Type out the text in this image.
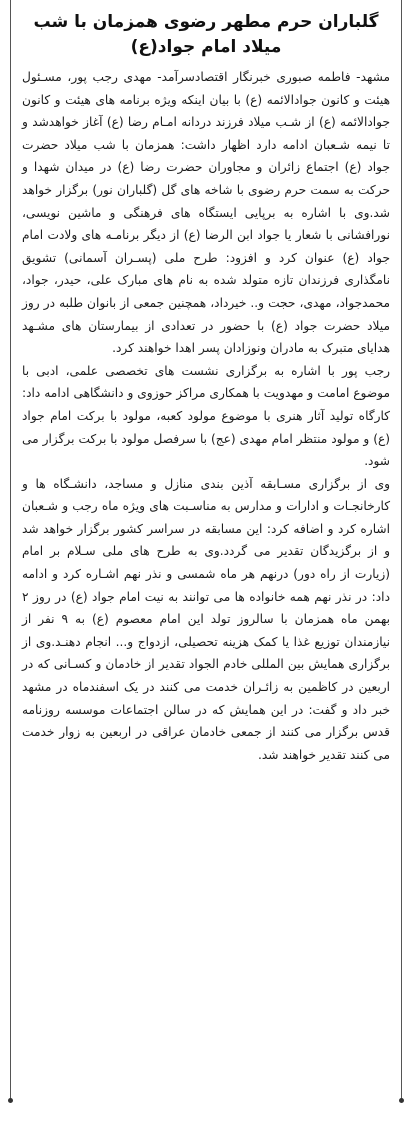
گلباران حرم مطهر رضوی همزمان با شب
میلاد امام جواد(ع)

مشهد- فاطمه صبوری خبرنگار اقتصادسرآمد- مهدی رجب پور، مسـئول هیئت و کانون جوادالائمه (ع) با بیان اینکه ویژه برنامه های هیئت و کانون جوادالائمه (ع) از شـب میلاد فرزند دردانه امـام رضا (ع) آغاز خواهدشد و تا نیمه شـعبان ادامه دارد اظهار داشت: همزمان با شب میلاد حضرت جواد (ع) اجتماع زائران و مجاوران حضرت رضا (ع) در میدان شهدا و حرکت به سمت حرم رضوی با شاخه های گل (گلباران نور) برگزار خواهد شد.وی با اشاره به برپایی ایستگاه های فرهنگی و ماشین نویسی، نورافشانی با شعار یا جواد ابن الرضا (ع) از دیگر برنامـه های ولادت امام جواد (ع) عنوان کرد و افزود: طرح ملی (پسـران آسمانی) تشویق نامگذاری فرزندان تازه متولد شده به نام های مبارک علی، حیدر، جواد، محمدجواد، مهدی، حجت و.. خیرداد، همچنین جمعی از بانوان طلبه در روز میلاد حضرت جواد (ع) با حضور در تعدادی از بیمارستان های مشـهد هدایای متبرک به مادران ونوزادان پسر اهدا خواهند کرد.

رجب پور با اشاره به برگزاری نشست های تخصصی علمی، ادبی با موضوع امامت و مهدویت با همکاری مراکز حوزوی و دانشگاهی ادامه داد: کارگاه تولید آثار هنری با موضوع مولود کعبه، مولود با برکت امام جواد (ع) و مولود منتظر امام مهدی (عج) با سرفصل مولود با برکت برگزار می شود.

وی از برگزاری مسـابقه آذین بندی منازل و مساجد، دانشـگاه ها و کارخانجـات و ادارات و مدارس به مناسـبت های ویژه ماه رجب و شـعبان اشاره کرد و اضافه کرد: این مسابقه در سراسر کشور برگزار خواهد شد و از برگزیدگان تقدیر می گردد.وی به طرح های ملی سـلام بر امام (زیارت از راه دور) درنهم هر ماه شمسی و نذر نهم اشـاره کرد و ادامه داد: در نذر نهم همه خانواده ها می توانند به نیت امام جواد (ع) در روز ۲ بهمن ماه همزمان با سالروز تولد این امام معصوم (ع) به ۹ نفر از نیازمندان توزیع غذا یا کمک هزینه تحصیلی، ازدواج و... انجام دهنـد.وی از برگزاری همایش بین المللی خادم الجواد تقدیر از خادمان و کسـانی که در اربعین در کاظمین به زائـران خدمت می کنند در یک اسفندماه در مشهد خبر داد و گفت: در این همایش که در سالن اجتماعات موسسه روزنامه قدس برگزار می کنند از جمعی خادمان عراقی در اربعین به زوار خدمت می کنند تقدیر خواهند شد.
